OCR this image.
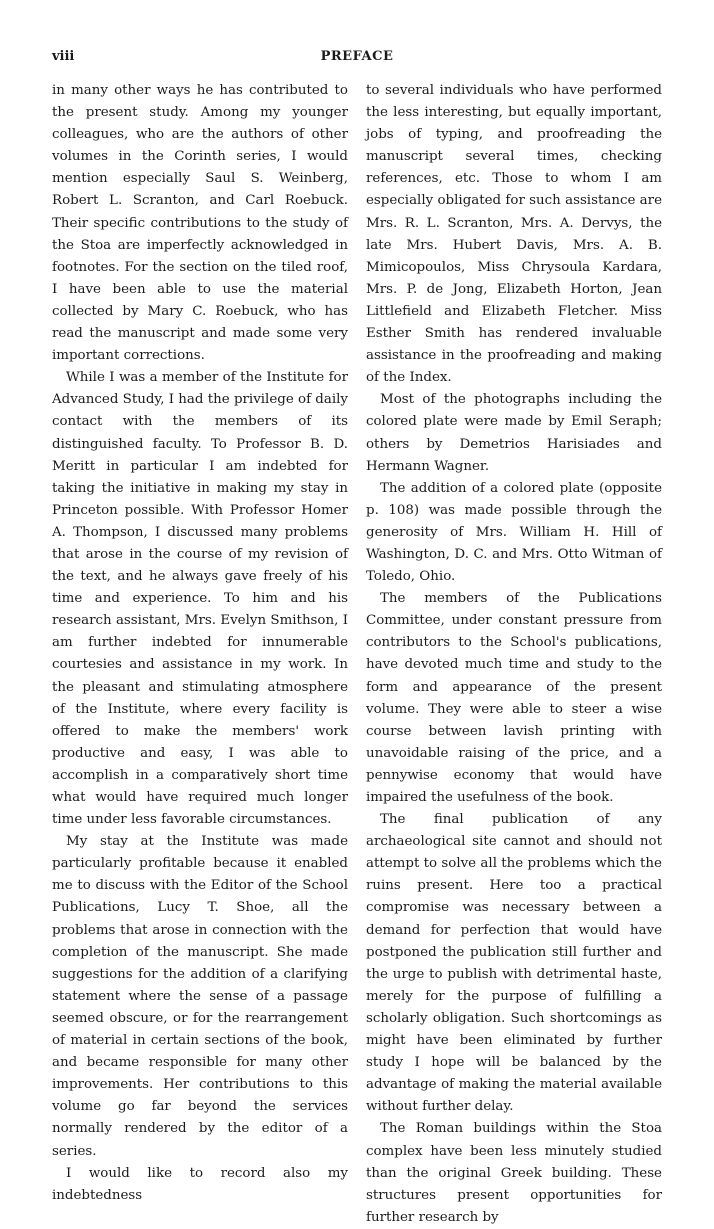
viii	PREFACE

in many other ways he has contributed to the present study. Among my younger colleagues, who are the authors of other volumes in the Corinth series, I would mention especially Saul S. Weinberg, Robert L. Scranton, and Carl Roebuck. Their specific contributions to the study of the Stoa are imperfectly acknowledged in footnotes. For the section on the tiled roof, I have been able to use the material collected by Mary C. Roebuck, who has read the manuscript and made some very important corrections.

While I was a member of the Institute for Advanced Study, I had the privilege of daily contact with the members of its distinguished faculty. To Professor B. D. Meritt in particular I am indebted for taking the initiative in making my stay in Princeton possible. With Professor Homer A. Thompson, I discussed many problems that arose in the course of my revision of the text, and he always gave freely of his time and experience. To him and his research assistant, Mrs. Evelyn Smithson, I am further indebted for innumerable courtesies and assistance in my work. In the pleasant and stimulating atmosphere of the Institute, where every facility is offered to make the members' work productive and easy, I was able to accomplish in a comparatively short time what would have required much longer time under less favorable circumstances.

My stay at the Institute was made particularly profitable because it enabled me to discuss with the Editor of the School Publications, Lucy T. Shoe, all the problems that arose in connection with the completion of the manuscript. She made suggestions for the addition of a clarifying statement where the sense of a passage seemed obscure, or for the rearrangement of material in certain sections of the book, and became responsible for many other improvements. Her contributions to this volume go far beyond the services normally rendered by the editor of a series.

I would like to record also my indebtedness

to several individuals who have performed the less interesting, but equally important, jobs of typing, and proofreading the manuscript several times, checking references, etc. Those to whom I am especially obligated for such assistance are Mrs. R. L. Scranton, Mrs. A. Dervys, the late Mrs. Hubert Davis, Mrs. A. B. Mimicopoulos, Miss Chrysoula Kardara, Mrs. P. de Jong, Elizabeth Horton, Jean Littlefield and Elizabeth Fletcher. Miss Esther Smith has rendered invaluable assistance in the proofreading and making of the Index.

Most of the photographs including the colored plate were made by Emil Seraph; others by Demetrios Harisiades and Hermann Wagner.

The addition of a colored plate (opposite p. 108) was made possible through the generosity of Mrs. William H. Hill of Washington, D. C. and Mrs. Otto Witman of Toledo, Ohio.

The members of the Publications Committee, under constant pressure from contributors to the School's publications, have devoted much time and study to the form and appearance of the present volume. They were able to steer a wise course between lavish printing with unavoidable raising of the price, and a pennywise economy that would have impaired the usefulness of the book.

The final publication of any archaeological site cannot and should not attempt to solve all the problems which the ruins present. Here too a practical compromise was necessary between a demand for perfection that would have postponed the publication still further and the urge to publish with detrimental haste, merely for the purpose of fulfilling a scholarly obligation. Such shortcomings as might have been eliminated by further study I hope will be balanced by the advantage of making the material available without further delay.

The Roman buildings within the Stoa complex have been less minutely studied than the original Greek building. These structures present opportunities for further research by
